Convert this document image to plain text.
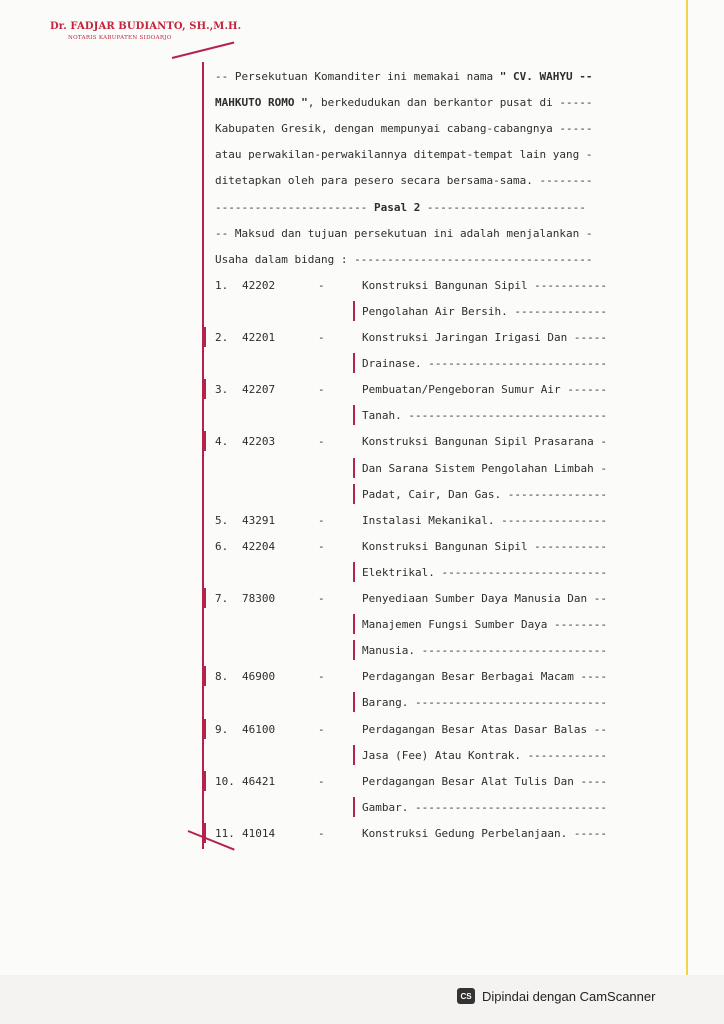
Dr. FADJAR BUDIANTO, SH.,M.H.
NOTARIS KABUPATEN SIDOARJO
-- Persekutuan Komanditer ini memakai nama " CV. WAHYU --
MAHKUTO ROMO ", berkedudukan dan berkantor pusat di -----
Kabupaten Gresik, dengan mempunyai cabang-cabangnya -----
atau perwakilan-perwakilannya ditempat-tempat lain yang -
ditetapkan oleh para pesero secara bersama-sama. --------
----------------------- Pasal 2 ------------------------
-- Maksud dan tujuan persekutuan ini adalah menjalankan -
Usaha dalam bidang : ------------------------------------
1. 42202	-	Konstruksi Bangunan Sipil -----------
Pengolahan Air Bersih. --------------
2. 42201	-	Konstruksi Jaringan Irigasi Dan -----
Drainase. ---------------------------
3. 42207	-	Pembuatan/Pengeboran Sumur Air ------
Tanah. ------------------------------
4. 42203	-	Konstruksi Bangunan Sipil Prasarana -
Dan Sarana Sistem Pengolahan Limbah -
Padat, Cair, Dan Gas. ---------------
5. 43291	-	Instalasi Mekanikal. ----------------
6. 42204	-	Konstruksi Bangunan Sipil -----------
Elektrikal. -------------------------
7. 78300	-	Penyediaan Sumber Daya Manusia Dan --
Manajemen Fungsi Sumber Daya --------
Manusia. ----------------------------
8. 46900	-	Perdagangan Besar Berbagai Macam ----
Barang. -----------------------------
9. 46100	-	Perdagangan Besar Atas Dasar Balas --
Jasa (Fee) Atau Kontrak. ------------
10. 46421	-	Perdagangan Besar Alat Tulis Dan ----
Gambar. -----------------------------
11. 41014	-	Konstruksi Gedung Perbelanjaan. -----
CS Dipindai dengan CamScanner
